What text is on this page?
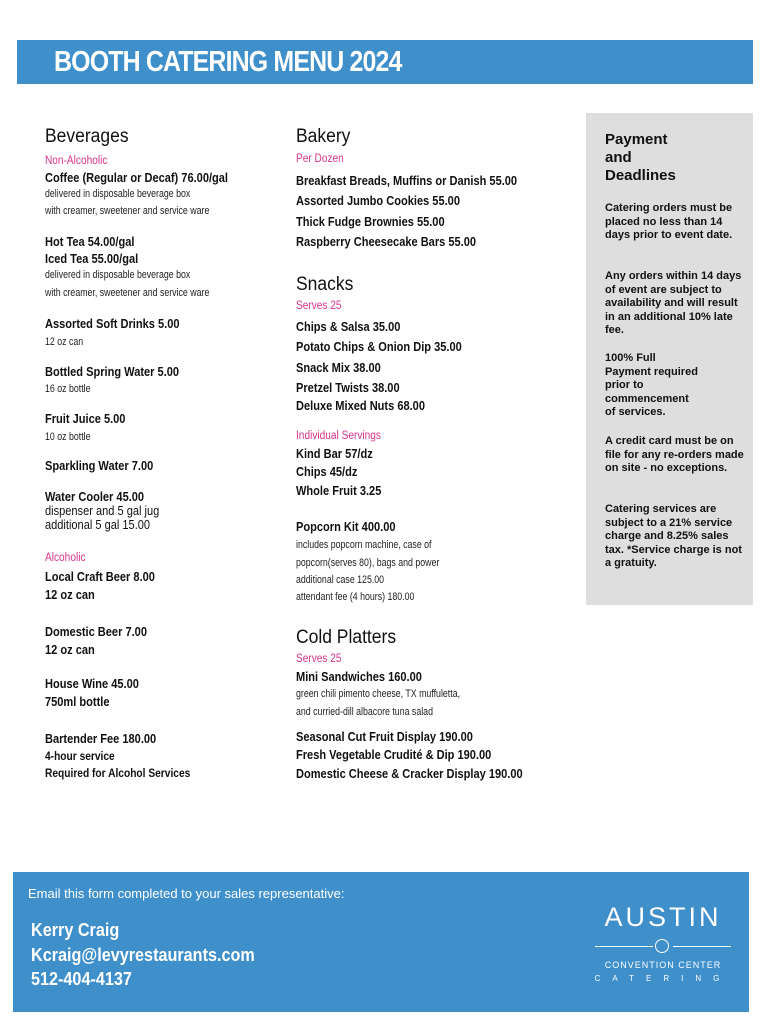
BOOTH CATERING MENU 2024
Beverages
Non-Alcoholic
Coffee (Regular or Decaf) 76.00/gal
delivered in disposable beverage box
with creamer, sweetener and service ware
Hot Tea 54.00/gal
Iced Tea 55.00/gal
delivered in disposable beverage box
with creamer, sweetener and service ware
Assorted Soft Drinks 5.00
12 oz can
Bottled Spring Water 5.00
16 oz bottle
Fruit Juice 5.00
10 oz bottle
Sparkling Water 7.00
Water Cooler 45.00
dispenser and 5 gal jug
additional 5 gal 15.00
Alcoholic
Local Craft Beer 8.00
12 oz can
Domestic Beer 7.00
12 oz can
House Wine 45.00
750ml bottle
Bartender Fee 180.00
4-hour service
Required for Alcohol Services
Bakery
Per Dozen
Breakfast Breads, Muffins or Danish 55.00
Assorted Jumbo Cookies 55.00
Thick Fudge Brownies 55.00
Raspberry Cheesecake Bars 55.00
Snacks
Serves 25
Chips & Salsa 35.00
Potato Chips & Onion Dip 35.00
Snack Mix 38.00
Pretzel Twists 38.00
Deluxe Mixed Nuts 68.00
Individual Servings
Kind Bar 57/dz
Chips 45/dz
Whole Fruit 3.25
Popcorn Kit 400.00
includes popcorn machine, case of
popcorn(serves 80), bags and power
additional case 125.00
attendant fee (4 hours) 180.00
Cold Platters
Serves 25
Mini Sandwiches 160.00
green chili pimento cheese, TX muffuletta,
and curried-dill albacore tuna salad
Seasonal Cut Fruit Display 190.00
Fresh Vegetable Crudité & Dip 190.00
Domestic Cheese & Cracker Display 190.00
Payment
and
Deadlines
Catering orders must be placed no less than 14 days prior to event date.
Any orders within 14 days of event are subject to availability and will result in an additional 10% late fee.
100% Full
Payment required
prior to
commencement
of services.
A credit card must be on file for any re-orders made on site - no exceptions.
Catering services are subject to a 21% service charge and 8.25% sales tax. *Service charge is not a gratuity.
Email this form completed to your sales representative:
Kerry Craig
Kcraig@levyrestaurants.com
512-404-4137
AUSTIN
CONVENTION CENTER
CATERING
